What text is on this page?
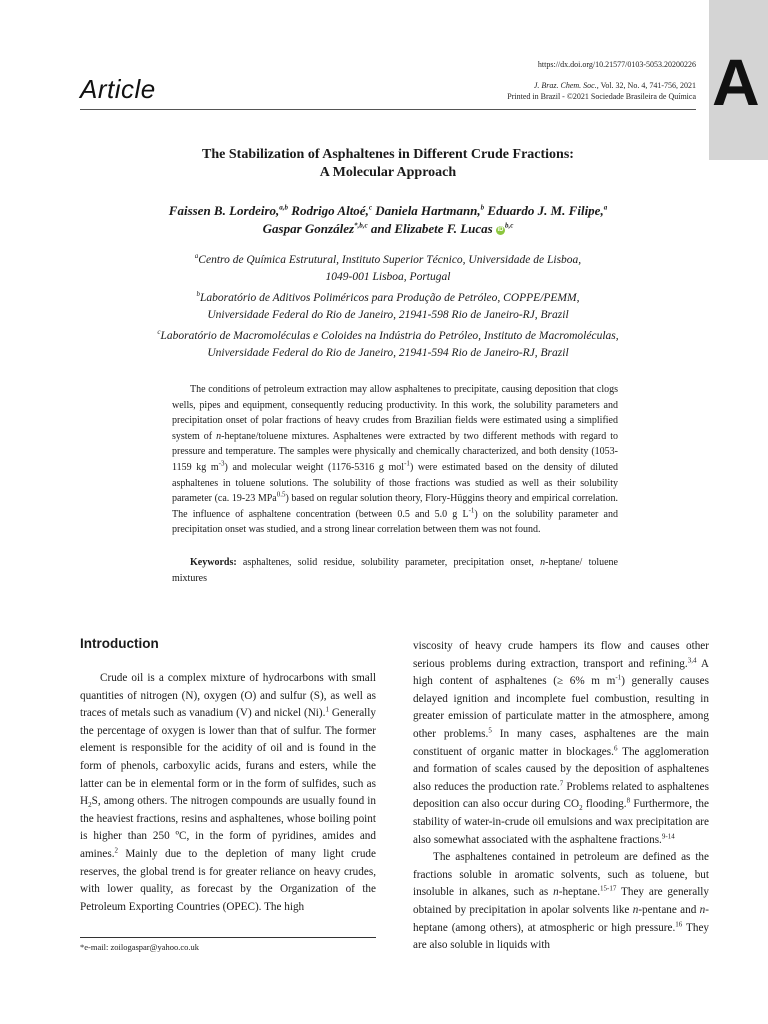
A
Article
https://dx.doi.org/10.21577/0103-5053.20200226
J. Braz. Chem. Soc., Vol. 32, No. 4, 741-756, 2021
Printed in Brazil - ©2021 Sociedade Brasileira de Química
The Stabilization of Asphaltenes in Different Crude Fractions:
A Molecular Approach
Faissen B. Lordeiro,$^{a,b}$ Rodrigo Altoé,$^c$ Daniela Hartmann,$^b$ Eduardo J. M. Filipe,$^a$
Gaspar González$^{*,b,c}$ and Elizabete F. Lucas iD $^{b,c}$
$^a$Centro de Química Estrutural, Instituto Superior Técnico, Universidade de Lisboa,
1049-001 Lisboa, Portugal
$^b$Laboratório de Aditivos Poliméricos para Produção de Petróleo, COPPE/PEMM,
Universidade Federal do Rio de Janeiro, 21941-598 Rio de Janeiro-RJ, Brazil
$^c$Laboratório de Macromoléculas e Coloides na Indústria do Petróleo, Instituto de Macromoléculas,
Universidade Federal do Rio de Janeiro, 21941-594 Rio de Janeiro-RJ, Brazil

The conditions of petroleum extraction may allow asphaltenes to precipitate, causing deposition that clogs wells, pipes and equipment, consequently reducing productivity. In this work, the solubility parameters and precipitation onset of polar fractions of heavy crudes from Brazilian fields were estimated using a simplified system of n-heptane/toluene mixtures. Asphaltenes were extracted by two different methods with regard to pressure and temperature. The samples were physically and chemically characterized, and both density (1053-1159 kg $m^{-3}$) and molecular weight (1176-5316 g mol$^{-1}$) were estimated based on the density of diluted asphaltenes in toluene solutions. The solubility of those fractions was studied as well as their solubility parameter (ca. 19-23 MPa$^{0.5}$) based on regular solution theory, Flory-Hüggins theory and empirical correlation. The influence of asphaltene concentration (between 0.5 and 5.0 g $L^{-1}$) on the solubility parameter and precipitation onset was studied, and a strong linear correlation between them was not found.

Keywords: asphaltenes, solid residue, solubility parameter, precipitation onset, n-heptane/ toluene mixtures

Introduction

Crude oil is a complex mixture of hydrocarbons with small quantities of nitrogen (N), oxygen (O) and sulfur (S), as well as traces of metals such as vanadium (V) and nickel (Ni).$^1$ Generally the percentage of oxygen is lower than that of sulfur. The former element is responsible for the acidity of oil and is found in the form of phenols, carboxylic acids, furans and esters, while the latter can be in elemental form or in the form of sulfides, such as $H_2S$, among others. The nitrogen compounds are usually found in the heaviest fractions, resins and asphaltenes, whose boiling point is higher than 250 ºC, in the form of pyridines, amides and amines.$^2$ Mainly due to the depletion of many light crude reserves, the global trend is for greater reliance on heavy crudes, with lower quality, as forecast by the Organization of the Petroleum Exporting Countries (OPEC). The high

viscosity of heavy crude hampers its flow and causes other serious problems during extraction, transport and refining.$^{3,4}$ A high content of asphaltenes (≥ 6% m $m^{-1}$) generally causes delayed ignition and incomplete fuel combustion, resulting in greater emission of particulate matter in the atmosphere, among other problems.$^5$ In many cases, asphaltenes are the main constituent of organic matter in blockages.$^6$ The agglomeration and formation of scales caused by the deposition of asphaltenes also reduces the production rate.$^7$ Problems related to asphaltenes deposition can also occur during $CO_2$ flooding.$^8$ Furthermore, the stability of water-in-crude oil emulsions and wax precipitation are also somewhat associated with the asphaltene fractions.$^{9-14}$

The asphaltenes contained in petroleum are defined as the fractions soluble in aromatic solvents, such as toluene, but insoluble in alkanes, such as n-heptane.$^{15-17}$ They are generally obtained by precipitation in apolar solvents like n-pentane and n-heptane (among others), at atmospheric or high pressure.$^{16}$ They are also soluble in liquids with

*e-mail: zoilogaspar@yahoo.co.uk
